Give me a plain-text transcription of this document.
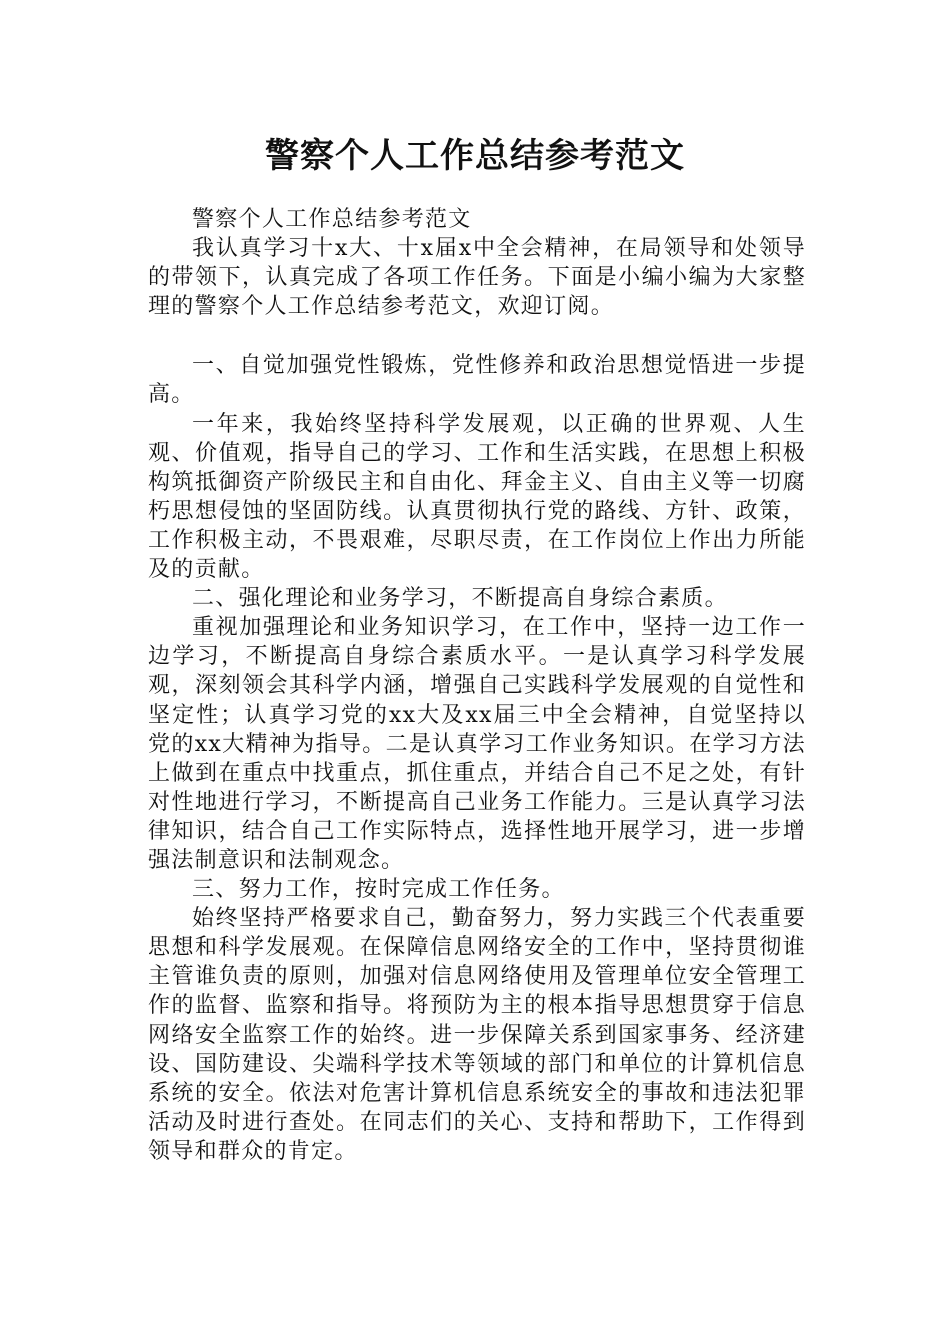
警察个人工作总结参考范文

警察个人工作总结参考范文

我认真学习十x大、十x届x中全会精神，在局领导和处领导的带领下，认真完成了各项工作任务。下面是小编小编为大家整理的警察个人工作总结参考范文，欢迎订阅。

一、自觉加强党性锻炼，党性修养和政治思想觉悟进一步提高。

一年来，我始终坚持科学发展观，以正确的世界观、人生观、价值观，指导自己的学习、工作和生活实践，在思想上积极构筑抵御资产阶级民主和自由化、拜金主义、自由主义等一切腐朽思想侵蚀的坚固防线。认真贯彻执行党的路线、方针、政策，工作积极主动，不畏艰难，尽职尽责，在工作岗位上作出力所能及的贡献。

二、强化理论和业务学习，不断提高自身综合素质。

重视加强理论和业务知识学习，在工作中，坚持一边工作一边学习，不断提高自身综合素质水平。一是认真学习科学发展观，深刻领会其科学内涵，增强自己实践科学发展观的自觉性和坚定性；认真学习党的xx大及xx届三中全会精神，自觉坚持以党的xx大精神为指导。二是认真学习工作业务知识。在学习方法上做到在重点中找重点，抓住重点，并结合自己不足之处，有针对性地进行学习，不断提高自己业务工作能力。三是认真学习法律知识，结合自己工作实际特点，选择性地开展学习，进一步增强法制意识和法制观念。

三、努力工作，按时完成工作任务。

始终坚持严格要求自己，勤奋努力，努力实践三个代表重要思想和科学发展观。在保障信息网络安全的工作中，坚持贯彻谁主管谁负责的原则，加强对信息网络使用及管理单位安全管理工作的监督、监察和指导。将预防为主的根本指导思想贯穿于信息网络安全监察工作的始终。进一步保障关系到国家事务、经济建设、国防建设、尖端科学技术等领域的部门和单位的计算机信息系统的安全。依法对危害计算机信息系统安全的事故和违法犯罪活动及时进行查处。在同志们的关心、支持和帮助下，工作得到领导和群众的肯定。
